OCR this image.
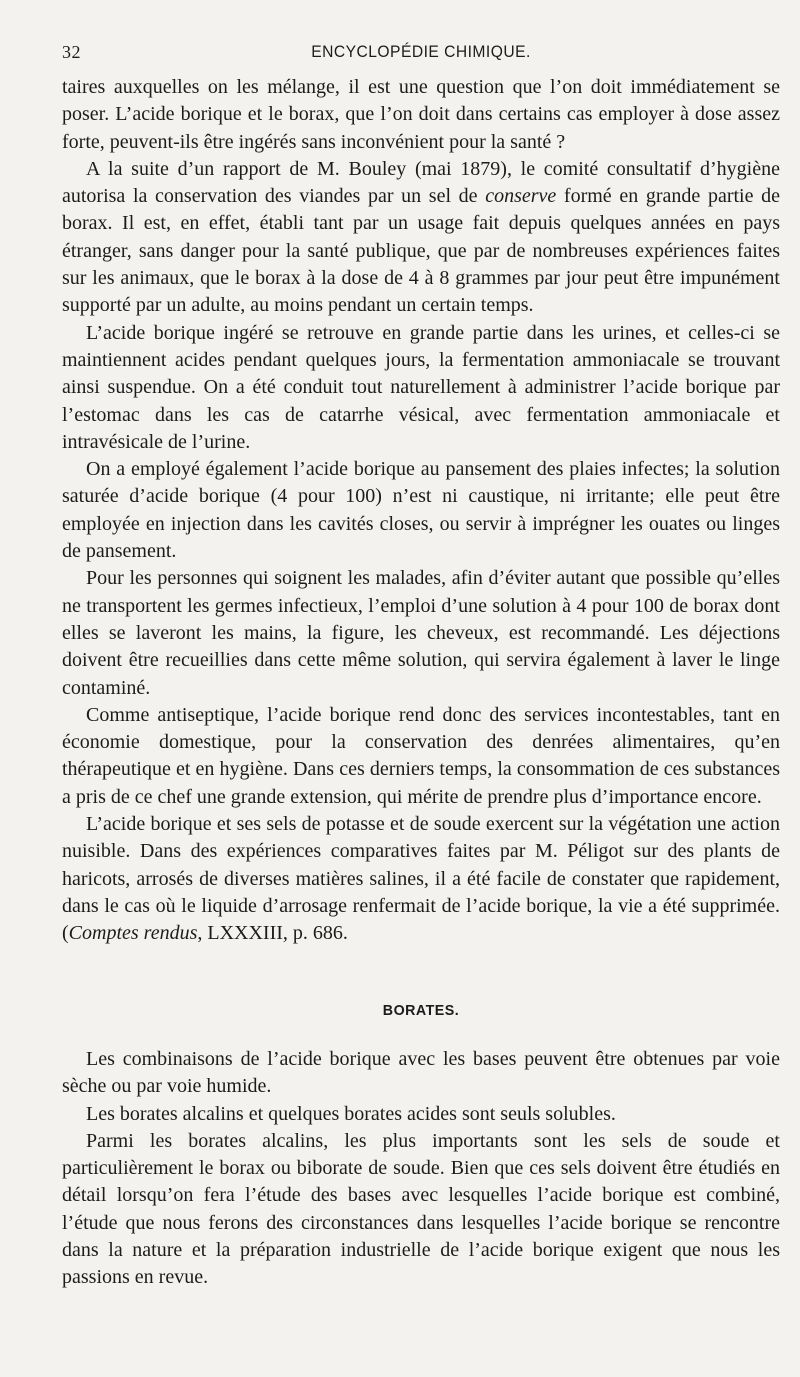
32	ENCYCLOPÉDIE CHIMIQUE.

taires auxquelles on les mélange, il est une question que l’on doit immédiatement se poser. L’acide borique et le borax, que l’on doit dans certains cas employer à dose assez forte, peuvent-ils être ingérés sans inconvénient pour la santé ?

A la suite d’un rapport de M. Bouley (mai 1879), le comité consultatif d’hygiène autorisa la conservation des viandes par un sel de conserve formé en grande partie de borax. Il est, en effet, établi tant par un usage fait depuis quelques années en pays étranger, sans danger pour la santé publique, que par de nombreuses expériences faites sur les animaux, que le borax à la dose de 4 à 8 grammes par jour peut être impunément supporté par un adulte, au moins pendant un certain temps.

L’acide borique ingéré se retrouve en grande partie dans les urines, et celles-ci se maintiennent acides pendant quelques jours, la fermentation ammoniacale se trouvant ainsi suspendue. On a été conduit tout naturellement à administrer l’acide borique par l’estomac dans les cas de catarrhe vésical, avec fermentation ammoniacale et intravésicale de l’urine.

On a employé également l’acide borique au pansement des plaies infectes; la solution saturée d’acide borique (4 pour 100) n’est ni caustique, ni irritante; elle peut être employée en injection dans les cavités closes, ou servir à imprégner les ouates ou linges de pansement.

Pour les personnes qui soignent les malades, afin d’éviter autant que possible qu’elles ne transportent les germes infectieux, l’emploi d’une solution à 4 pour 100 de borax dont elles se laveront les mains, la figure, les cheveux, est recommandé. Les déjections doivent être recueillies dans cette même solution, qui servira également à laver le linge contaminé.

Comme antiseptique, l’acide borique rend donc des services incontestables, tant en économie domestique, pour la conservation des denrées alimentaires, qu’en thérapeutique et en hygiène. Dans ces derniers temps, la consommation de ces substances a pris de ce chef une grande extension, qui mérite de prendre plus d’importance encore.

L’acide borique et ses sels de potasse et de soude exercent sur la végétation une action nuisible. Dans des expériences comparatives faites par M. Péligot sur des plants de haricots, arrosés de diverses matières salines, il a été facile de constater que rapidement, dans le cas où le liquide d’arrosage renfermait de l’acide borique, la vie a été supprimée. (Comptes rendus, LXXXIII, p. 686.

BORATES.

Les combinaisons de l’acide borique avec les bases peuvent être obtenues par voie sèche ou par voie humide.

Les borates alcalins et quelques borates acides sont seuls solubles.

Parmi les borates alcalins, les plus importants sont les sels de soude et particulièrement le borax ou biborate de soude. Bien que ces sels doivent être étudiés en détail lorsqu’on fera l’étude des bases avec lesquelles l’acide borique est combiné, l’étude que nous ferons des circonstances dans lesquelles l’acide borique se rencontre dans la nature et la préparation industrielle de l’acide borique exigent que nous les passions en revue.
